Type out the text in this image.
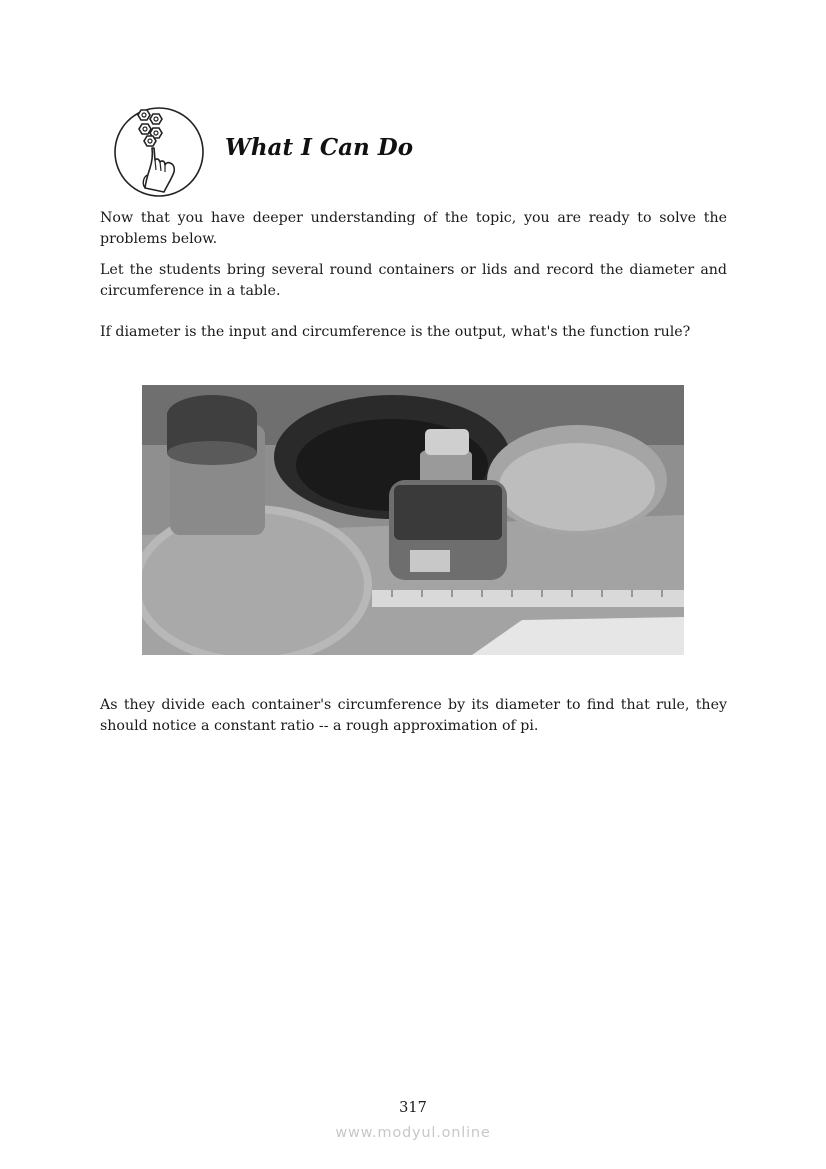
What I Can Do

Now that you have deeper understanding of the topic, you are ready to solve the problems below.

Let the students bring several round containers or lids and record the diameter and circumference in a table.

If diameter is the input and circumference is the output, what's the function rule?

As they divide each container's circumference by its diameter to find that rule, they should notice a constant ratio -- a rough approximation of pi.

317

www.modyul.online
